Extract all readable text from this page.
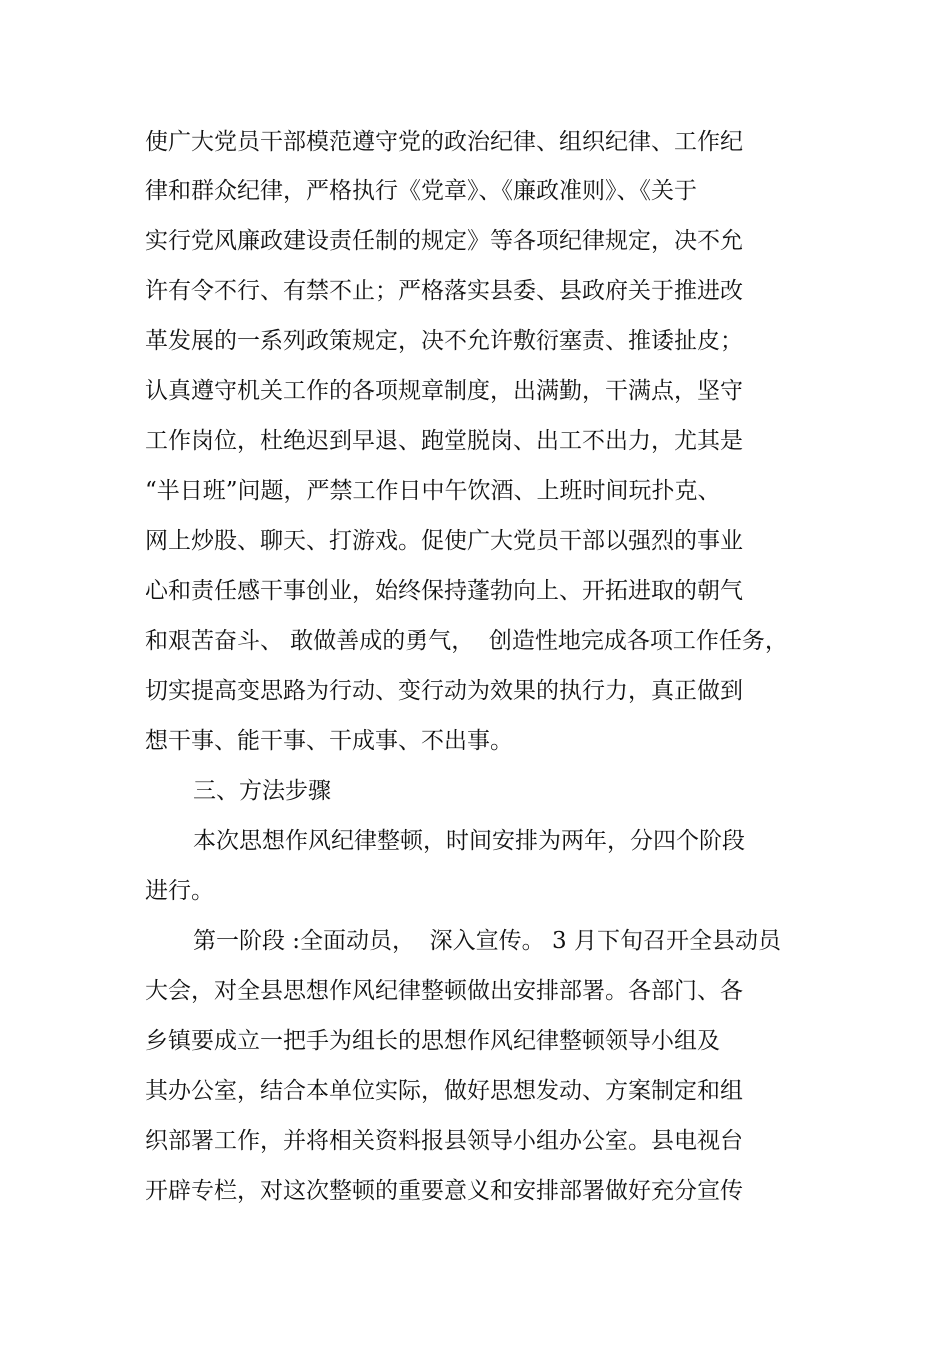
使广大党员干部模范遵守党的政治纪律、组织纪律、工作纪
律和群众纪律，严格执行《党章》、《廉政准则》、《关于
实行党风廉政建设责任制的规定》等各项纪律规定，决不允
许有令不行、有禁不止；严格落实县委、县政府关于推进改
革发展的一系列政策规定，决不允许敷衍塞责、推诿扯皮；
认真遵守机关工作的各项规章制度，出满勤，干满点，坚守
工作岗位，杜绝迟到早退、跑堂脱岗、出工不出力，尤其是
“半日班”问题，严禁工作日中午饮酒、上班时间玩扑克、
网上炒股、聊天、打游戏。促使广大党员干部以强烈的事业
心和责任感干事创业，始终保持蓬勃向上、开拓进取的朝气
和艰苦奋斗、 敢做善成的勇气，  创造性地完成各项工作任务，
切实提高变思路为行动、变行动为效果的执行力，真正做到
想干事、能干事、干成事、不出事。
三、方法步骤
本次思想作风纪律整顿，时间安排为两年，分四个阶段
进行。
第一阶段 :全面动员，  深入宣传。 3 月下旬召开全县动员
大会，对全县思想作风纪律整顿做出安排部署。各部门、各
乡镇要成立一把手为组长的思想作风纪律整顿领导小组及
其办公室，结合本单位实际，做好思想发动、方案制定和组
织部署工作，并将相关资料报县领导小组办公室。县电视台
开辟专栏，对这次整顿的重要意义和安排部署做好充分宣传
